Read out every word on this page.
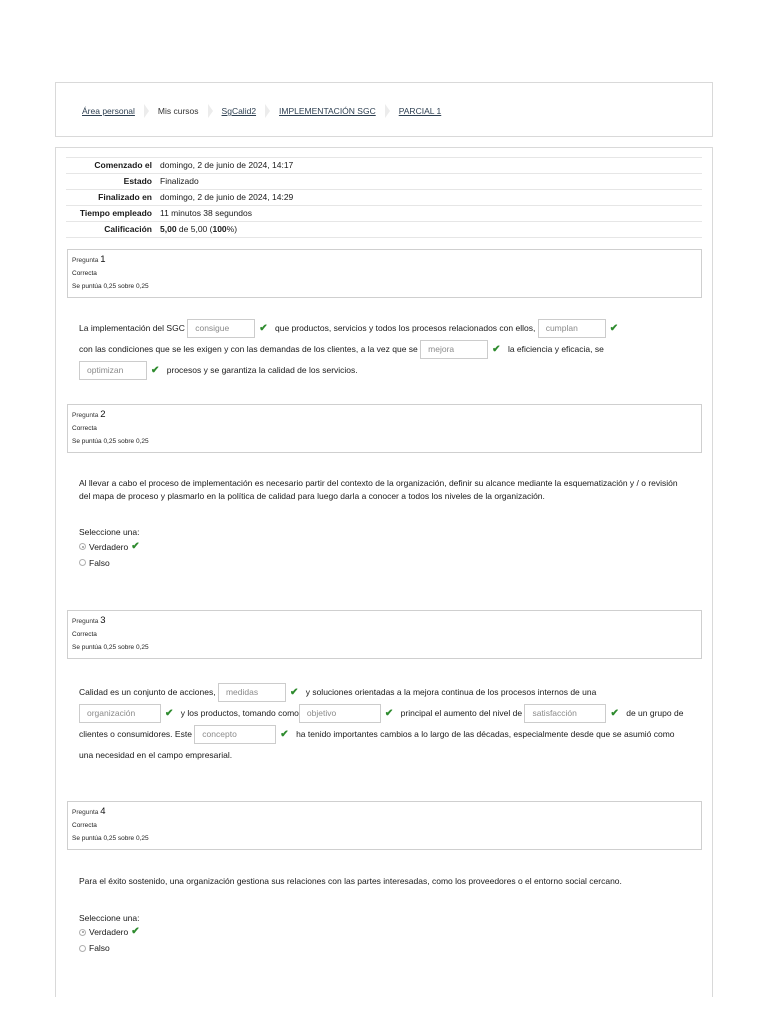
Área personal	Mis cursos	SgCalid2	IMPLEMENTACIÓN SGC	PARCIAL 1
Comenzado el domingo, 2 de junio de 2024, 14:17
Estado Finalizado
Finalizado en domingo, 2 de junio de 2024, 14:29
Tiempo empleado 11 minutos 38 segundos
Calificación 5,00 de 5,00 (100%)
Pregunta 1
Correcta
Se puntúa 0,25 sobre 0,25
La implementación del SGC consigue	✔ que productos, servicios y todos los procesos relacionados con ellos, cumplan	✔
con las condiciones que se les exigen y con las demandas de los clientes, a la vez que se mejora	✔ la eficiencia y eficacia, se
optimizan	✔ procesos y se garantiza la calidad de los servicios.
Pregunta 2
Correcta
Se puntúa 0,25 sobre 0,25
Al llevar a cabo el proceso de implementación es necesario partir del contexto de la organización, definir su alcance mediante la esquematización y / o revisión del mapa de proceso y plasmarlo en la política de calidad para luego darla a conocer a todos los niveles de la organización.
Seleccione una:
Verdadero ✔
Falso
Pregunta 3
Correcta
Se puntúa 0,25 sobre 0,25
Calidad es un conjunto de acciones, medidas	✔ y soluciones orientadas a la mejora continua de los procesos internos de una
organización	✔ y los productos, tomando como objetivo	✔ principal el aumento del nivel de satisfacción	✔ de un grupo de clientes o consumidores. Este concepto	✔ ha tenido importantes cambios a lo largo de las décadas, especialmente desde que se asumió como una necesidad en el campo empresarial.
Pregunta 4
Correcta
Se puntúa 0,25 sobre 0,25
Para el éxito sostenido, una organización gestiona sus relaciones con las partes interesadas, como los proveedores o el entorno social cercano.
Seleccione una:
Verdadero ✔
Falso
